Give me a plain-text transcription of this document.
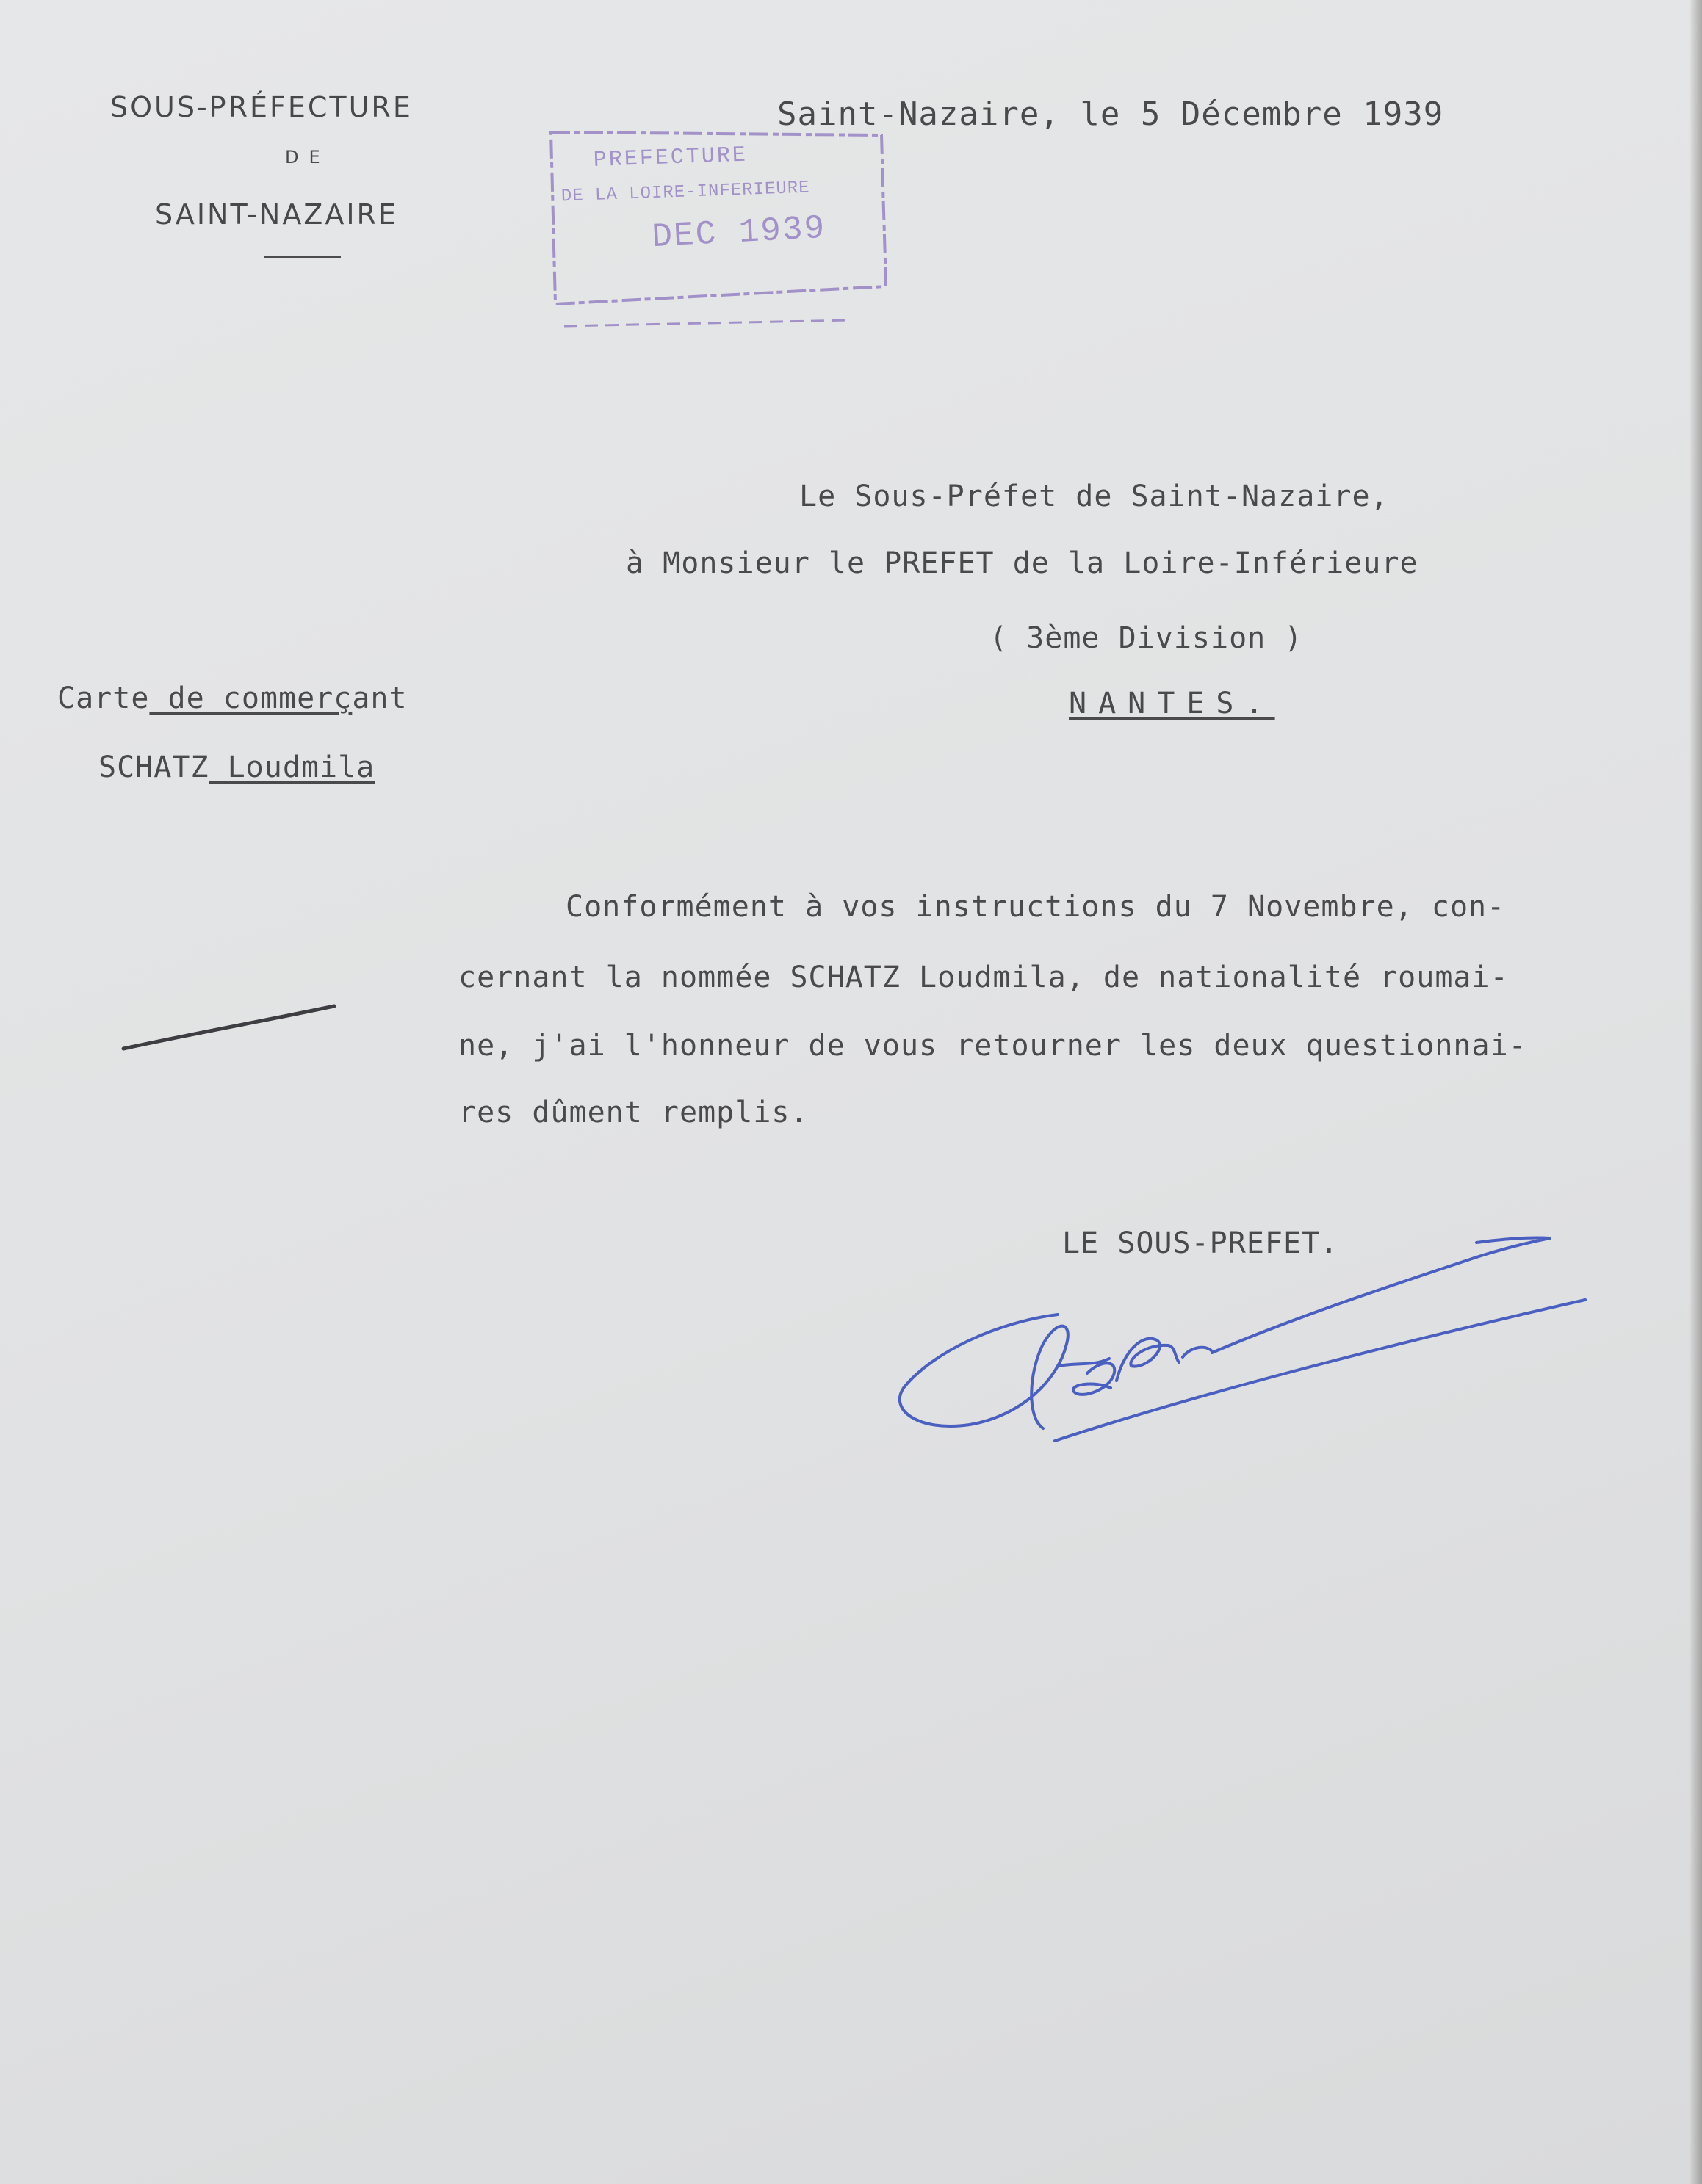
SOUS-PRÉFECTURE
DE
SAINT-NAZAIRE
Saint-Nazaire, le 5 Décembre 1939
PREFECTURE
DE LA LOIRE-INFERIEURE
DEC 1939
Le Sous-Préfet de Saint-Nazaire,
à Monsieur le PREFET de la Loire-Inférieure
( 3ème Division )
NANTES.
Carte de commerçant
SCHATZ Loudmila
Conformément à vos instructions du 7 Novembre, con-
cernant la nommée SCHATZ Loudmila, de nationalité roumai-
ne, j'ai l'honneur de vous retourner les deux questionnai-
res dûment remplis.
LE SOUS-PREFET.
